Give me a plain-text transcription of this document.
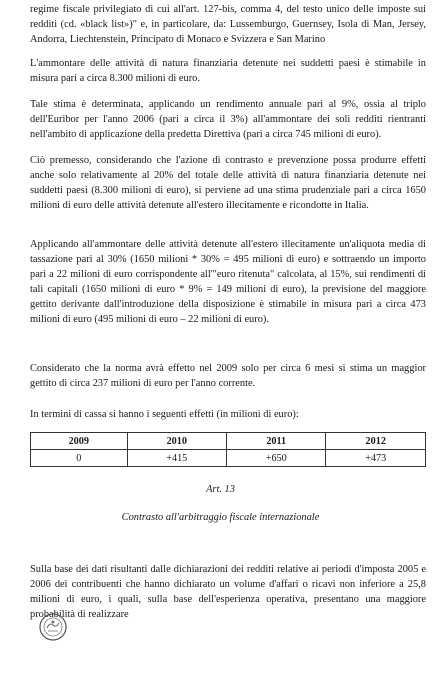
regime fiscale privilegiato di cui all'art. 127-bis, comma 4, del testo unico delle imposte sui redditi (cd. «black list»)" e, in particolare, da: Lussemburgo, Guernsey, Isola di Man, Jersey, Andorra, Liechtenstein, Principato di Monaco e Svizzera e San Marino

L'ammontare delle attività di natura finanziaria detenute nei suddetti paesi è stimabile in misura pari a circa 8.300 milioni di euro.

Tale stima è determinata, applicando un rendimento annuale pari al 9%, ossia al triplo dell'Euribor per l'anno 2006 (pari a circa il 3%) all'ammontare dei soli redditi rientranti nell'ambito di applicazione della predetta Direttiva (pari a circa 745 milioni di euro).

Ciò premesso, considerando che l'azione di contrasto e prevenzione possa produrre effetti anche solo relativamente al 20% del totale delle attività di natura finanziaria detenute nei suddetti paesi (8.300 milioni di euro), si perviene ad una stima prudenziale pari a circa 1650 milioni di euro delle attività detenute all'estero illecitamente e ricondotte in Italia.

Applicando all'ammontare delle attività detenute all'estero illecitamente un'aliquota media di tassazione pari al 30% (1650 milioni * 30% = 495 milioni di euro) e sottraendo un importo pari a 22 milioni di euro corrispondente all'"euro ritenuta" calcolata, al 15%, sui rendimenti di tali capitali (1650 milioni di euro * 9% = 149 milioni di euro), la previsione del maggiore gettito derivante dall'introduzione della disposizione è stimabile in misura pari a circa 473 milioni di euro (495 milioni di euro – 22 milioni di euro).

Considerato che la norma avrà effetto nel 2009 solo per circa 6 mesi si stima un maggior gettito di circa 237 milioni di euro per l'anno corrente.

In termini di cassa si hanno i seguenti effetti (in milioni di euro):

2009	2010	2011	2012
0	+415	+650	+473

Art. 13

Contrasto all'arbitraggio fiscale internazionale

Sulla base dei dati risultanti dalle dichiarazioni dei redditi relative ai periodi d'imposta 2005 e 2006 dei contribuenti che hanno dichiarato un volume d'affari o ricavi non inferiore a 25,8 milioni di euro, i quali, sulla base dell'esperienza operativa, presentano una maggiore probabilità di realizzare
